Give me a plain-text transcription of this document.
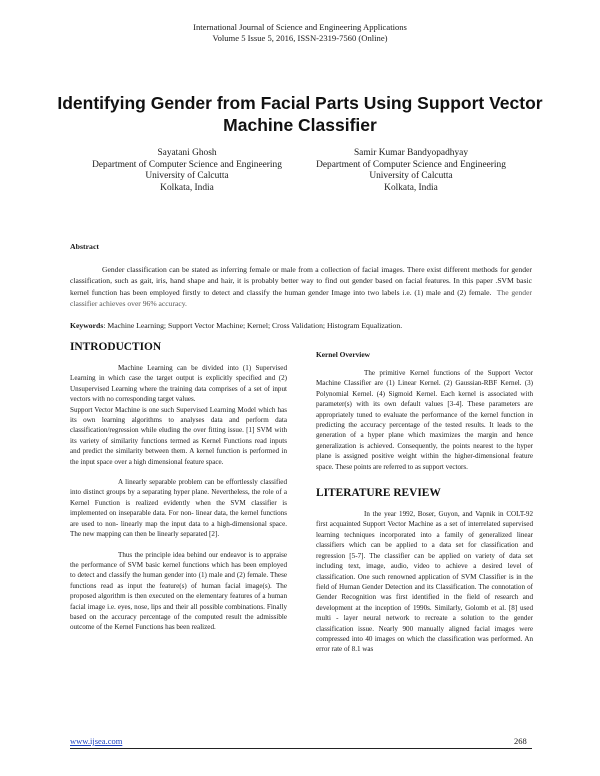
International Journal of Science and Engineering Applications
Volume 5 Issue 5, 2016, ISSN-2319-7560 (Online)
Identifying Gender from Facial Parts Using Support Vector Machine Classifier
Sayatani Ghosh
Department of Computer Science and Engineering
University of Calcutta
Kolkata, India
Samir Kumar Bandyopadhyay
Department of Computer Science and Engineering
University of Calcutta
Kolkata, India
Abstract
Gender classification can be stated as inferring female or male from a collection of facial images. There exist different methods for gender classification, such as gait, iris, hand shape and hair, it is probably better way to find out gender based on facial features. In this paper .SVM basic kernel function has been employed firstly to detect and classify the human gender Image into two labels i.e. (1) male and (2) female. The gender classifier achieves over 96% accuracy.
Keywords: Machine Learning; Support Vector Machine; Kernel; Cross Validation; Histogram Equalization.
INTRODUCTION

Machine Learning can be divided into (1) Supervised Learning in which case the target output is explicitly specified and (2) Unsupervised Learning where the training data comprises of a set of input vectors with no corresponding target values.

Support Vector Machine is one such Supervised Learning Model which has its own learning algorithms to analyses data and perform data classification/regression while eluding the over fitting issue. [1] SVM with its variety of similarity functions termed as Kernel Functions read inputs and predict the similarity between them. A kernel function is performed in the input space over a high dimensional feature space.

A linearly separable problem can be effortlessly classified into distinct groups by a separating hyper plane. Nevertheless, the role of a Kernel Function is realized evidently when the SVM classifier is implemented on inseparable data. For non- linear data, the kernel functions are used to non- linearly map the input data to a high-dimensional space. The new mapping can then be linearly separated [2].

Thus the principle idea behind our endeavor is to appraise the performance of SVM basic kernel functions which has been employed to detect and classify the human gender into (1) male and (2) female. These functions read as input the feature(s) of human facial image(s). The proposed algorithm is then executed on the elementary features of a human facial image i.e. eyes, nose, lips and their all possible combinations. Finally based on the accuracy percentage of the computed result the admissible outcome of the Kernel Functions has been realized.

Kernel Overview

The primitive Kernel functions of the Support Vector Machine Classifier are (1) Linear Kernel. (2) Gaussian-RBF Kernel. (3) Polynomial Kernel. (4) Sigmoid Kernel. Each kernel is associated with parameter(s) with its own default values [3-4]. These parameters are appropriately tuned to evaluate the performance of the kernel function in predicting the accuracy percentage of the tested results. It leads to the generation of a hyper plane which maximizes the margin and hence generalization is achieved. Consequently, the points nearest to the hyper plane is assigned positive weight within the higher-dimensional feature space. These points are referred to as support vectors.

LITERATURE REVIEW

In the year 1992, Boser, Guyon, and Vapnik in COLT-92 first acquainted Support Vector Machine as a set of interrelated supervised learning techniques incorporated into a family of generalized linear classifiers which can be applied to a data set for classification and regression [5-7]. The classifier can be applied on variety of data set including text, image, audio, video to achieve a desired level of classification. One such renowned application of SVM Classifier is in the field of Human Gender Detection and its Classification. The connotation of Gender Recognition was first identified in the field of research and development at the inception of 1990s. Similarly, Golomb et al. [8] used multi - layer neural network to recreate a solution to the gender classification issue. Nearly 900 manually aligned facial images were compressed into 40 images on which the classification was performed. An error rate of 8.1 was

www.ijsea.com	268
